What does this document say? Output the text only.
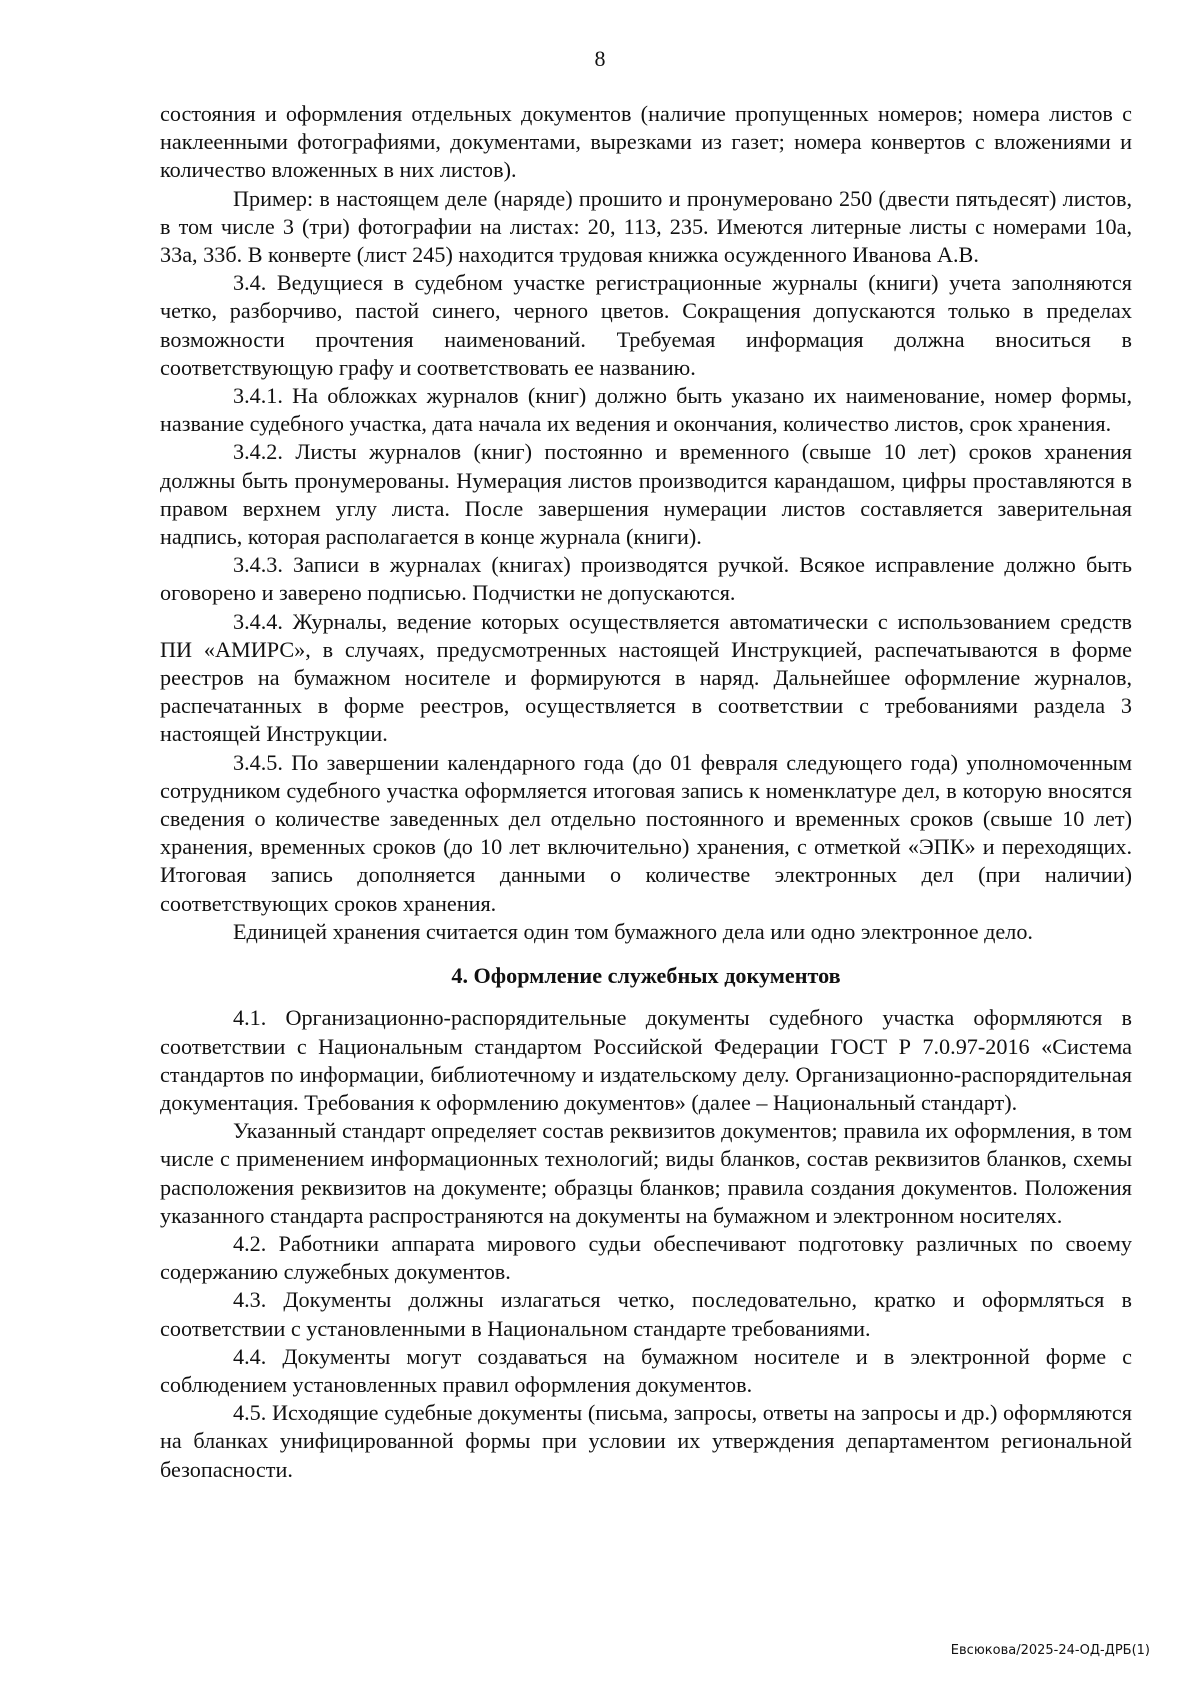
8

состояния и оформления отдельных документов (наличие пропущенных номеров; номера листов с наклеенными фотографиями, документами, вырезками из газет; номера конвертов с вложениями и количество вложенных в них листов).

Пример: в настоящем деле (наряде) прошито и пронумеровано 250 (двести пятьдесят) листов, в том числе 3 (три) фотографии на листах: 20, 113, 235. Имеются литерные листы с номерами 10а, 33а, 33б. В конверте (лист 245) находится трудовая книжка осужденного Иванова А.В.

3.4. Ведущиеся в судебном участке регистрационные журналы (книги) учета заполняются четко, разборчиво, пастой синего, черного цветов. Сокращения допускаются только в пределах возможности прочтения наименований. Требуемая информация должна вноситься в соответствующую графу и соответствовать ее названию.

3.4.1. На обложках журналов (книг) должно быть указано их наименование, номер формы, название судебного участка, дата начала их ведения и окончания, количество листов, срок хранения.

3.4.2. Листы журналов (книг) постоянно и временного (свыше 10 лет) сроков хранения должны быть пронумерованы. Нумерация листов производится карандашом, цифры проставляются в правом верхнем углу листа. После завершения нумерации листов составляется заверительная надпись, которая располагается в конце журнала (книги).

3.4.3. Записи в журналах (книгах) производятся ручкой. Всякое исправление должно быть оговорено и заверено подписью. Подчистки не допускаются.

3.4.4. Журналы, ведение которых осуществляется автоматически с использованием средств ПИ «АМИРС», в случаях, предусмотренных настоящей Инструкцией, распечатываются в форме реестров на бумажном носителе и формируются в наряд. Дальнейшее оформление журналов, распечатанных в форме реестров, осуществляется в соответствии с требованиями раздела 3 настоящей Инструкции.

3.4.5. По завершении календарного года (до 01 февраля следующего года) уполномоченным сотрудником судебного участка оформляется итоговая запись к номенклатуре дел, в которую вносятся сведения о количестве заведенных дел отдельно постоянного и временных сроков (свыше 10 лет) хранения, временных сроков (до 10 лет включительно) хранения, с отметкой «ЭПК» и переходящих. Итоговая запись дополняется данными о количестве электронных дел (при наличии) соответствующих сроков хранения.

Единицей хранения считается один том бумажного дела или одно электронное дело.

4. Оформление служебных документов

4.1. Организационно-распорядительные документы судебного участка оформляются в соответствии с Национальным стандартом Российской Федерации ГОСТ Р 7.0.97-2016 «Система стандартов по информации, библиотечному и издательскому делу. Организационно-распорядительная документация. Требования к оформлению документов» (далее – Национальный стандарт).

Указанный стандарт определяет состав реквизитов документов; правила их оформления, в том числе с применением информационных технологий; виды бланков, состав реквизитов бланков, схемы расположения реквизитов на документе; образцы бланков; правила создания документов. Положения указанного стандарта распространяются на документы на бумажном и электронном носителях.

4.2. Работники аппарата мирового судьи обеспечивают подготовку различных по своему содержанию служебных документов.

4.3. Документы должны излагаться четко, последовательно, кратко и оформляться в соответствии с установленными в Национальном стандарте требованиями.

4.4. Документы могут создаваться на бумажном носителе и в электронной форме с соблюдением установленных правил оформления документов.

4.5. Исходящие судебные документы (письма, запросы, ответы на запросы и др.) оформляются на бланках унифицированной формы при условии их утверждения департаментом региональной безопасности.

Евсюкова/2025-24-ОД-ДРБ(1)
